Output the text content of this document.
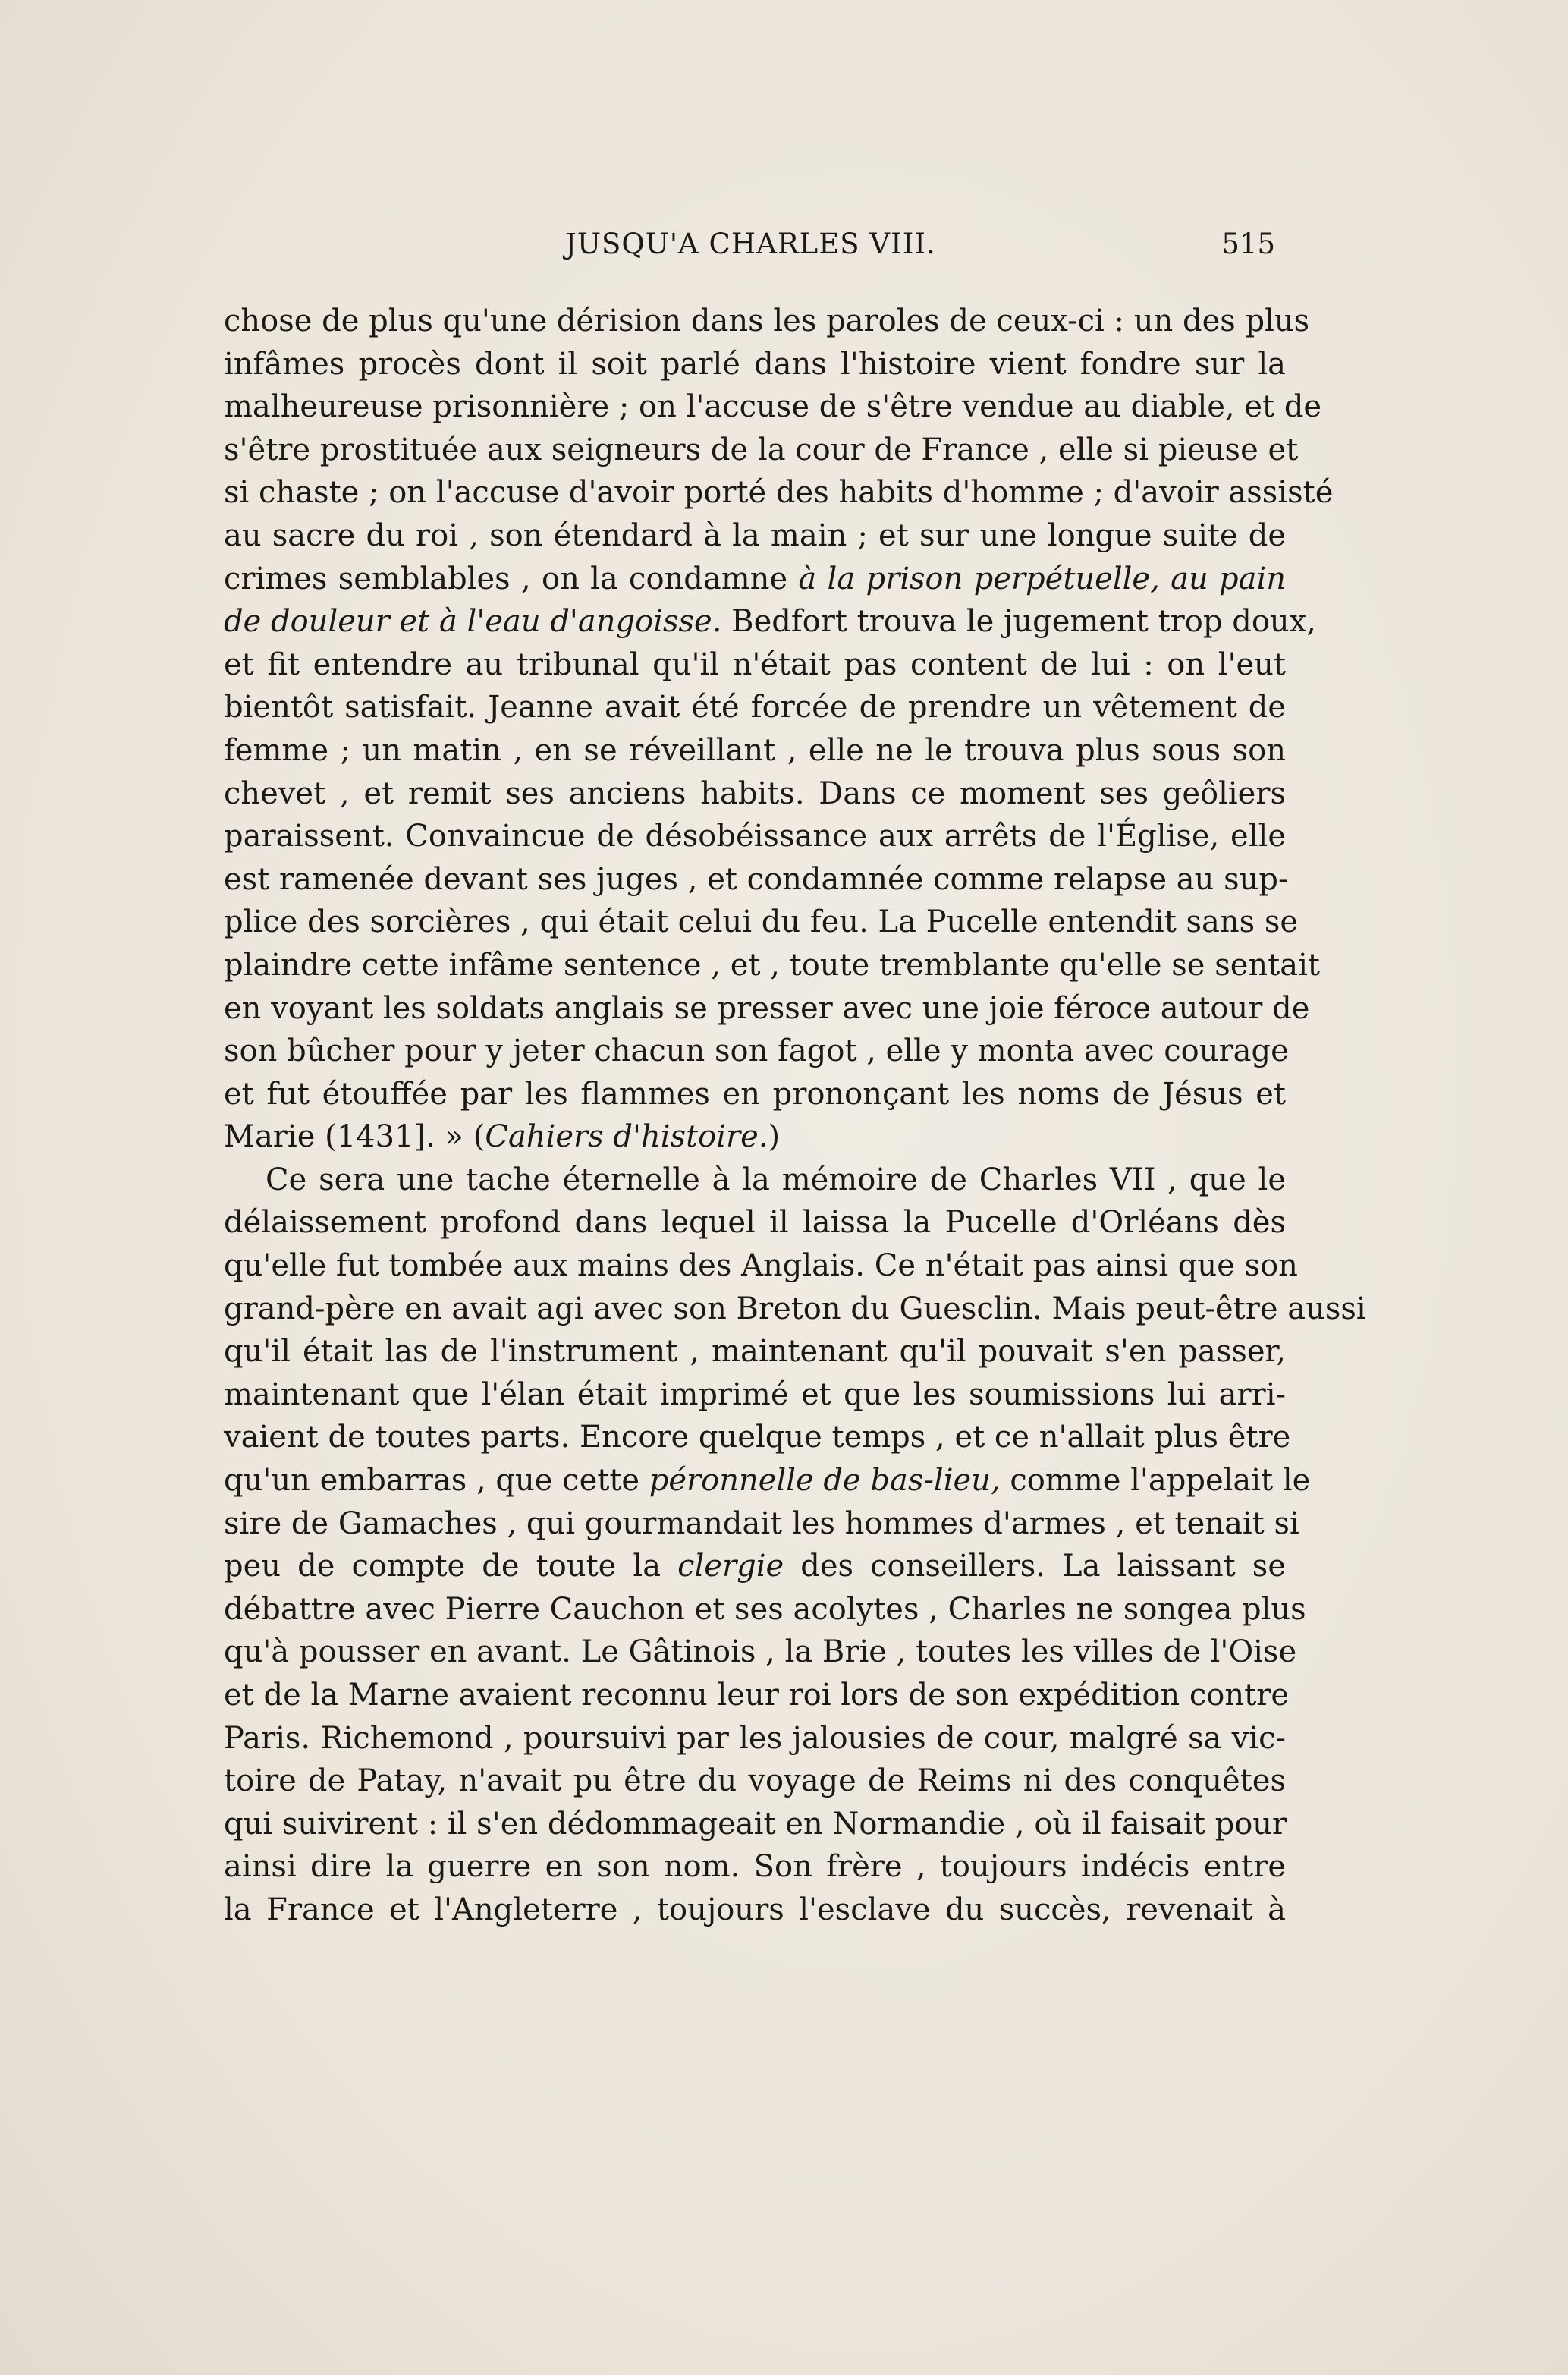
JUSQU'A CHARLES VIII.	515
chose de plus qu'une dérision dans les paroles de ceux-ci : un des plus
infâmes procès dont il soit parlé dans l'histoire vient fondre sur la
malheureuse prisonnière ; on l'accuse de s'être vendue au diable, et de
s'être prostituée aux seigneurs de la cour de France , elle si pieuse et
si chaste ; on l'accuse d'avoir porté des habits d'homme ; d'avoir assisté
au sacre du roi , son étendard à la main ; et sur une longue suite de
crimes semblables , on la condamne à la prison perpétuelle, au pain
de douleur et à l'eau d'angoisse. Bedfort trouva le jugement trop doux,
et fit entendre au tribunal qu'il n'était pas content de lui : on l'eut
bientôt satisfait. Jeanne avait été forcée de prendre un vêtement de
femme ; un matin , en se réveillant , elle ne le trouva plus sous son
chevet , et remit ses anciens habits. Dans ce moment ses geôliers
paraissent. Convaincue de désobéissance aux arrêts de l'Église, elle
est ramenée devant ses juges , et condamnée comme relapse au sup-
plice des sorcières , qui était celui du feu. La Pucelle entendit sans se
plaindre cette infâme sentence , et , toute tremblante qu'elle se sentait
en voyant les soldats anglais se presser avec une joie féroce autour de
son bûcher pour y jeter chacun son fagot , elle y monta avec courage
et fut étouffée par les flammes en prononçant les noms de Jésus et
Marie (1431]. » (Cahiers d'histoire.)
Ce sera une tache éternelle à la mémoire de Charles VII , que le
délaissement profond dans lequel il laissa la Pucelle d'Orléans dès
qu'elle fut tombée aux mains des Anglais. Ce n'était pas ainsi que son
grand-père en avait agi avec son Breton du Guesclin. Mais peut-être aussi
qu'il était las de l'instrument , maintenant qu'il pouvait s'en passer,
maintenant que l'élan était imprimé et que les soumissions lui arri-
vaient de toutes parts. Encore quelque temps , et ce n'allait plus être
qu'un embarras , que cette péronnelle de bas-lieu, comme l'appelait le
sire de Gamaches , qui gourmandait les hommes d'armes , et tenait si
peu de compte de toute la clergie des conseillers. La laissant se
débattre avec Pierre Cauchon et ses acolytes , Charles ne songea plus
qu'à pousser en avant. Le Gâtinois , la Brie , toutes les villes de l'Oise
et de la Marne avaient reconnu leur roi lors de son expédition contre
Paris. Richemond , poursuivi par les jalousies de cour, malgré sa vic-
toire de Patay, n'avait pu être du voyage de Reims ni des conquêtes
qui suivirent : il s'en dédommageait en Normandie , où il faisait pour
ainsi dire la guerre en son nom. Son frère , toujours indécis entre
la France et l'Angleterre , toujours l'esclave du succès, revenait à
